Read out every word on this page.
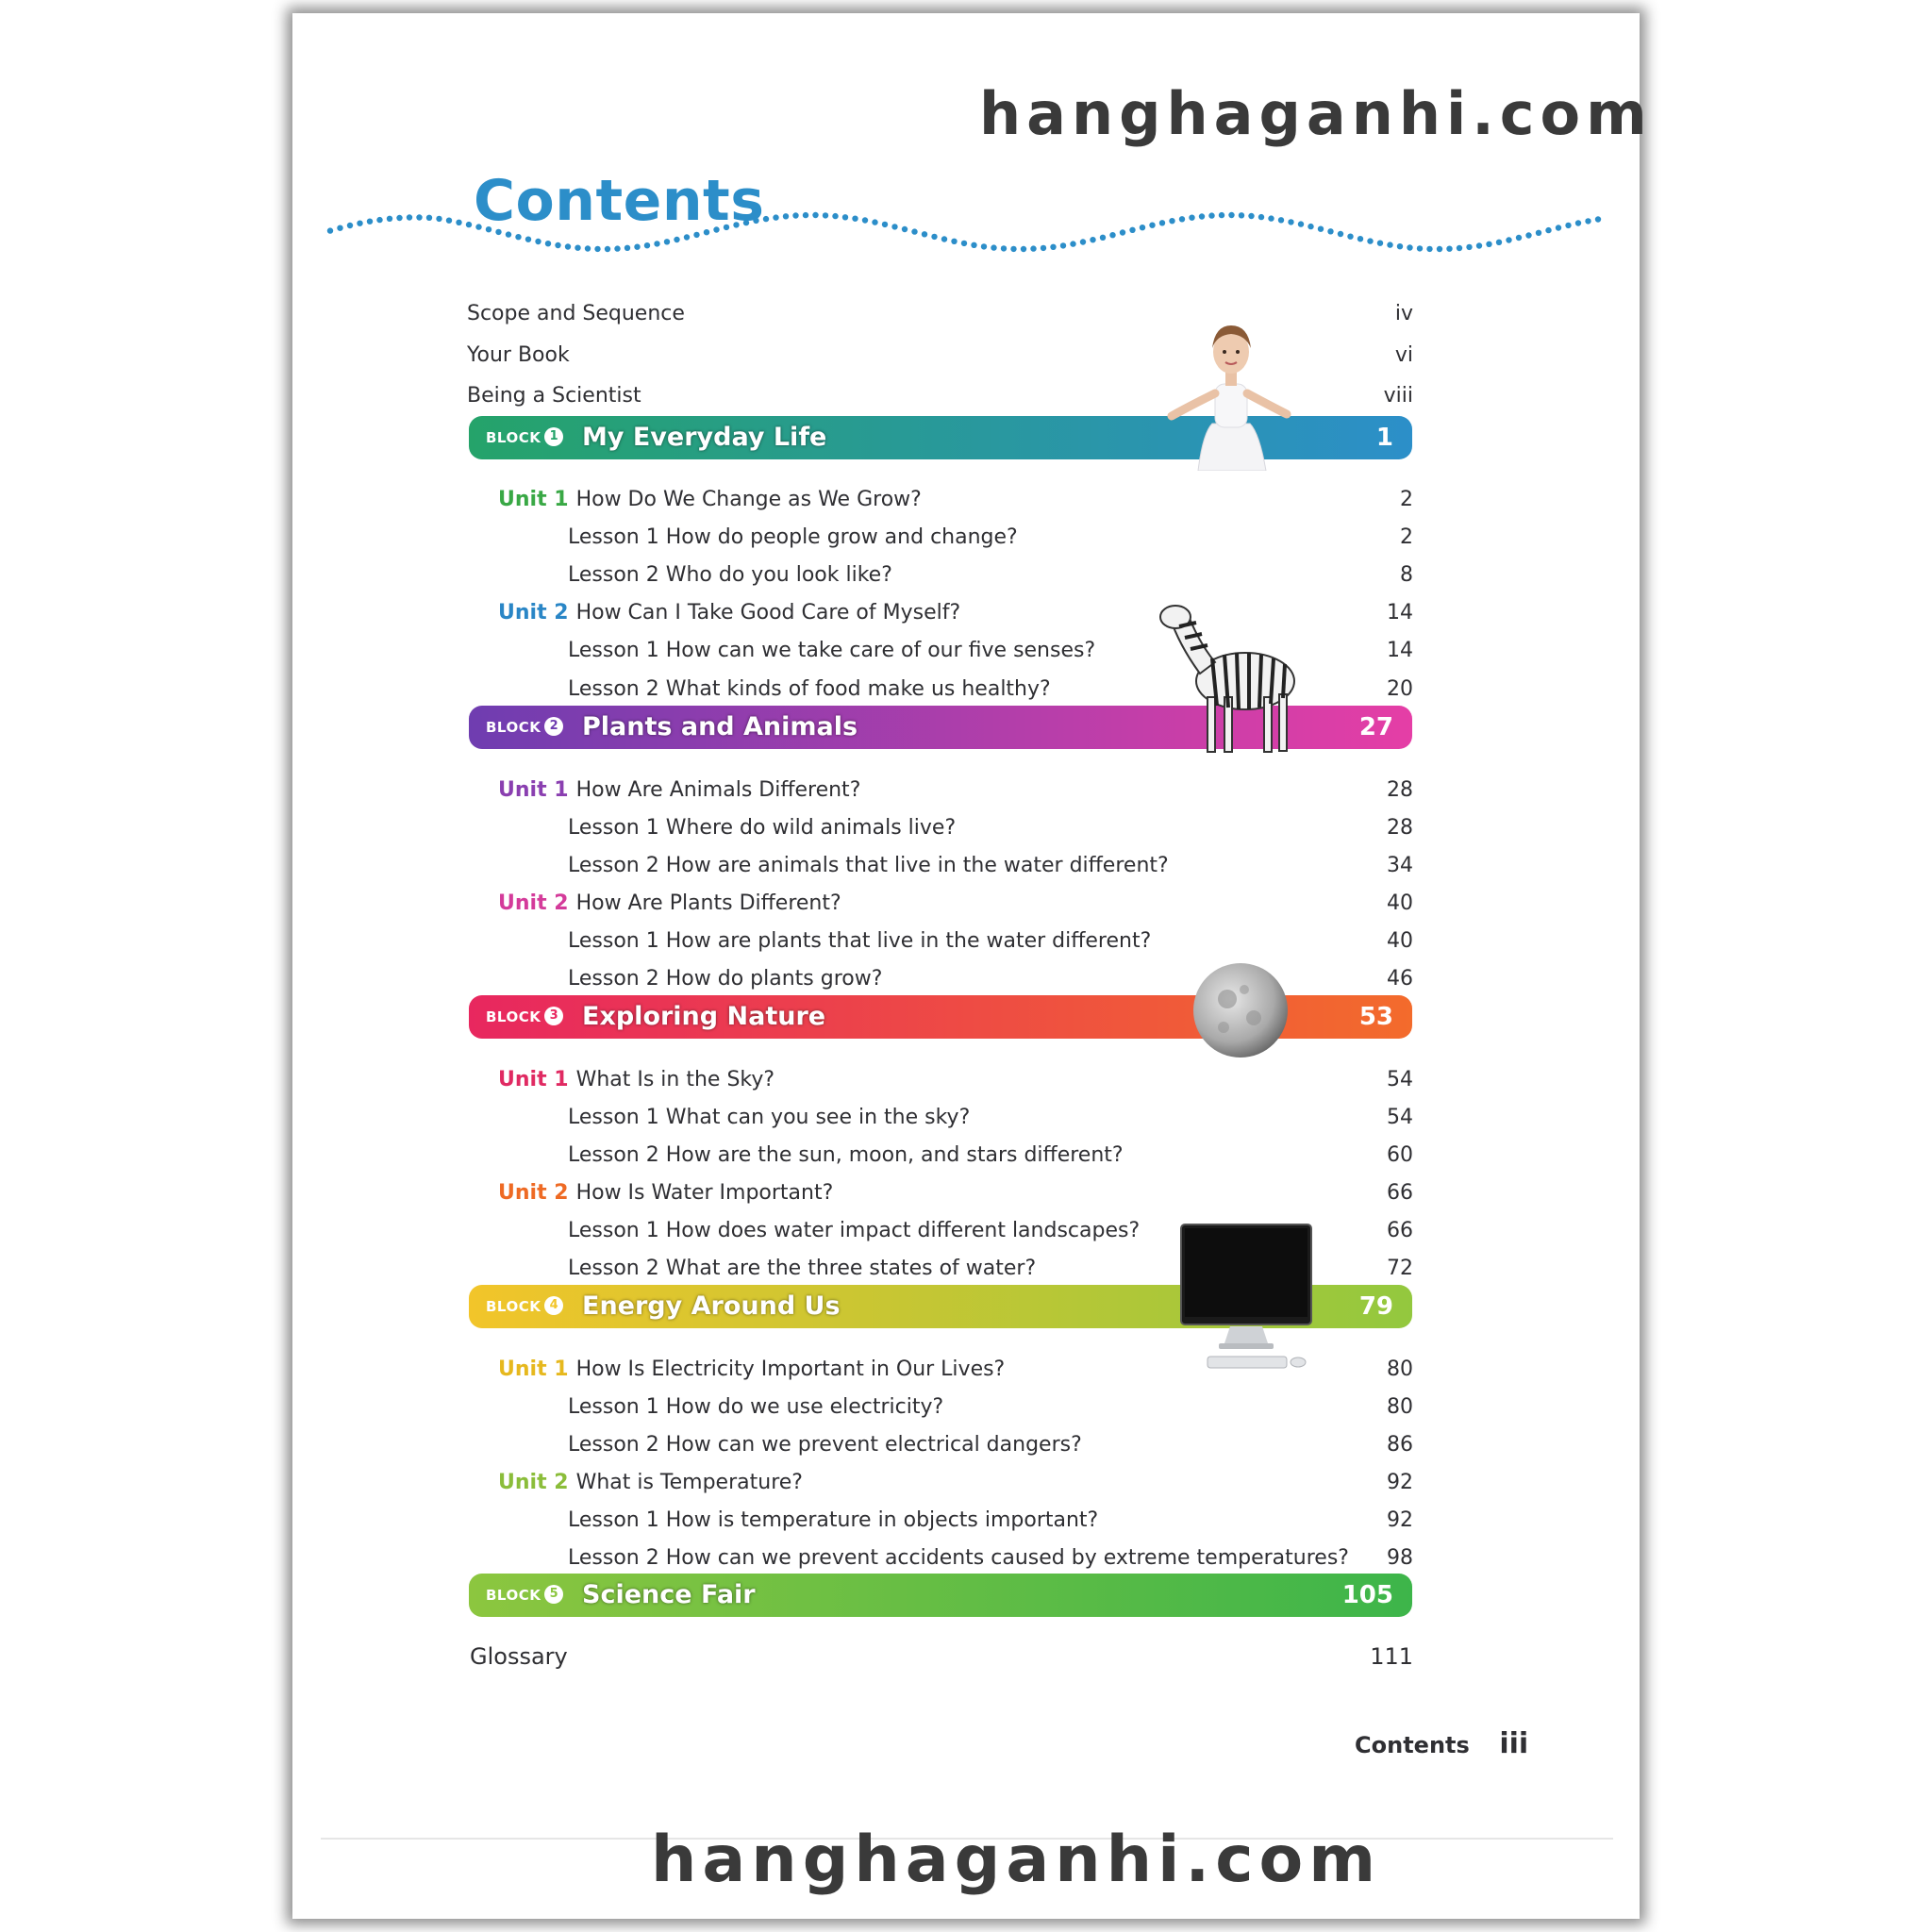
hanghaganhi.com
Contents
Scope and Sequence	iv
Your Book	vi
Being a Scientist	viii
BLOCK 1 My Everyday Life	1
Unit 1 How Do We Change as We Grow?	2
Lesson 1 How do people grow and change?	2
Lesson 2 Who do you look like?	8
Unit 2 How Can I Take Good Care of Myself?	14
Lesson 1 How can we take care of our five senses?	14
Lesson 2 What kinds of food make us healthy?	20
BLOCK 2 Plants and Animals	27
Unit 1 How Are Animals Different?	28
Lesson 1 Where do wild animals live?	28
Lesson 2 How are animals that live in the water different?	34
Unit 2 How Are Plants Different?	40
Lesson 1 How are plants that live in the water different?	40
Lesson 2 How do plants grow?	46
BLOCK 3 Exploring Nature	53
Unit 1 What Is in the Sky?	54
Lesson 1 What can you see in the sky?	54
Lesson 2 How are the sun, moon, and stars different?	60
Unit 2 How Is Water Important?	66
Lesson 1 How does water impact different landscapes?	66
Lesson 2 What are the three states of water?	72
BLOCK 4 Energy Around Us	79
Unit 1 How Is Electricity Important in Our Lives?	80
Lesson 1 How do we use electricity?	80
Lesson 2 How can we prevent electrical dangers?	86
Unit 2 What is Temperature?	92
Lesson 1 How is temperature in objects important?	92
Lesson 2 How can we prevent accidents caused by extreme temperatures? 98
BLOCK 5 Science Fair	105
Glossary	111
Contents iii
hanghaganhi.com
